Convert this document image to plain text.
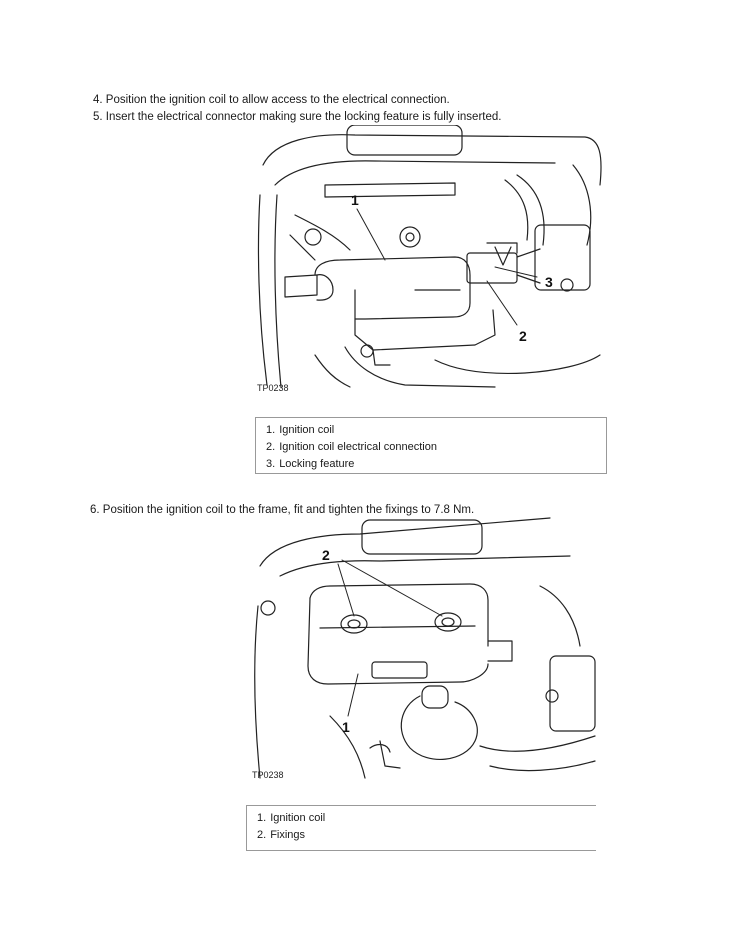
4. Position the ignition coil to allow access to the electrical connection.
5. Insert the electrical connector making sure the locking feature is fully inserted.
1
2
3
TP0238
1. Ignition coil
2. Ignition coil electrical connection
3. Locking feature
6. Position the ignition coil to the frame, fit and tighten the fixings to 7.8 Nm.
2
1
TP0238
1. Ignition coil
2. Fixings
